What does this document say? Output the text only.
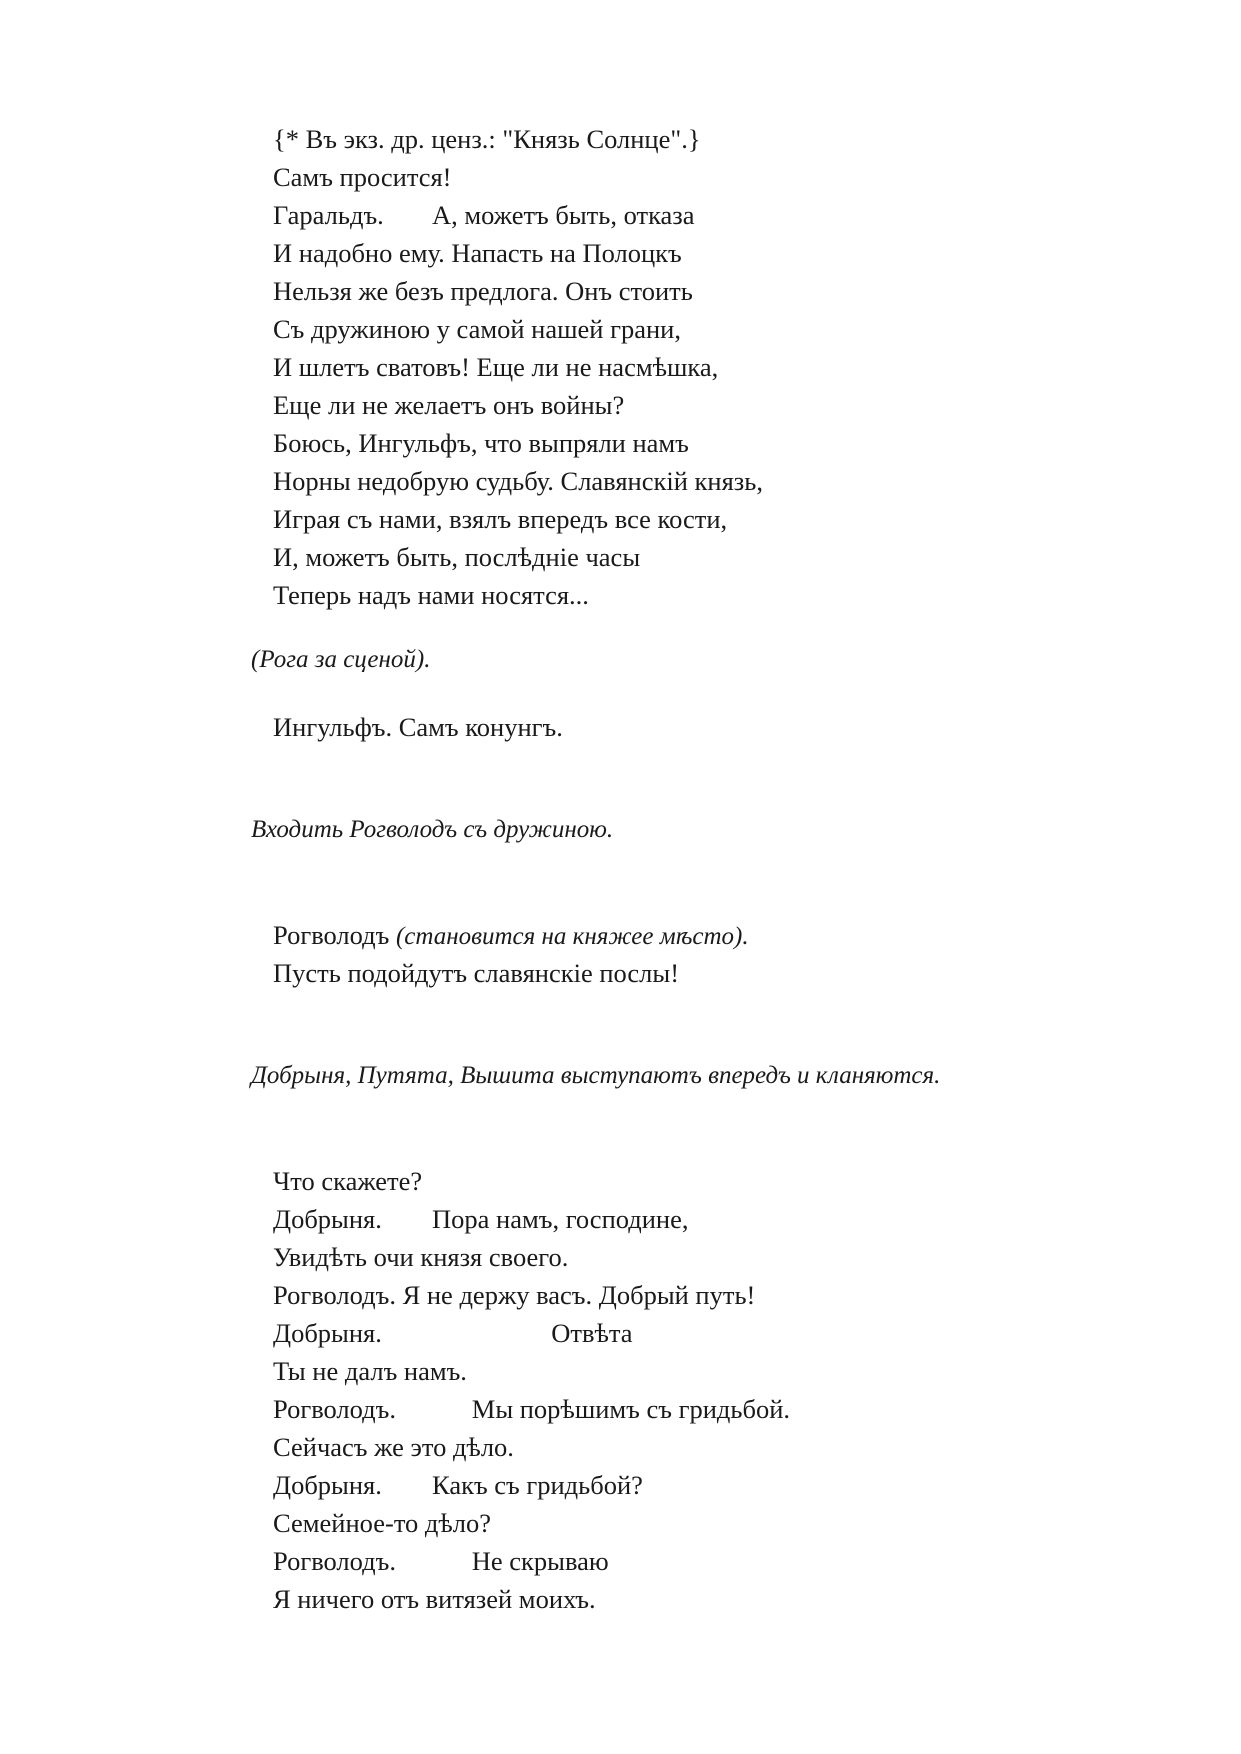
{* Въ экз. др. ценз.: "Князь Солнце".}
Самъ просится!
Гаральдъ.		А, можетъ быть, отказа
И надобно ему. Напасть на Полоцкъ
Нельзя же безъ предлога. Онъ стоить
Съ дружиною у самой нашей грани,
И шлетъ сватовъ! Еще ли не насмѣшка,
Еще ли не желаетъ онъ войны?
Боюсь, Ингульфъ, что выпряли намъ
Норны недобрую судьбу. Славянскій князь,
Играя съ нами, взялъ впередъ все кости,
И, можетъ быть, послѣдніе часы
Теперь надъ нами носятся...

(Рога за сценой).

Ингульфъ. Самъ конунгъ.

Входить Рогволодъ съ дружиною.

Рогволодъ (становится на княжее мѣсто).
Пусть подойдутъ славянскіе послы!

Добрыня, Путята, Вышита выступаютъ впередъ и кланяются.

Что скажете?
Добрыня.		Пора намъ, господине,
Увидѣть очи князя своего.
Рогволодъ. Я не держу васъ. Добрый путь!
Добрыня.					Отвѣта
Ты не далъ намъ.
Рогволодъ.		Мы порѣшимъ съ гридьбой.
Сейчасъ же это дѣло.
Добрыня.		Какъ съ гридьбой?
Семейное-то дѣло?
Рогволодъ.		Не скрываю
Я ничего отъ витязей моихъ.
